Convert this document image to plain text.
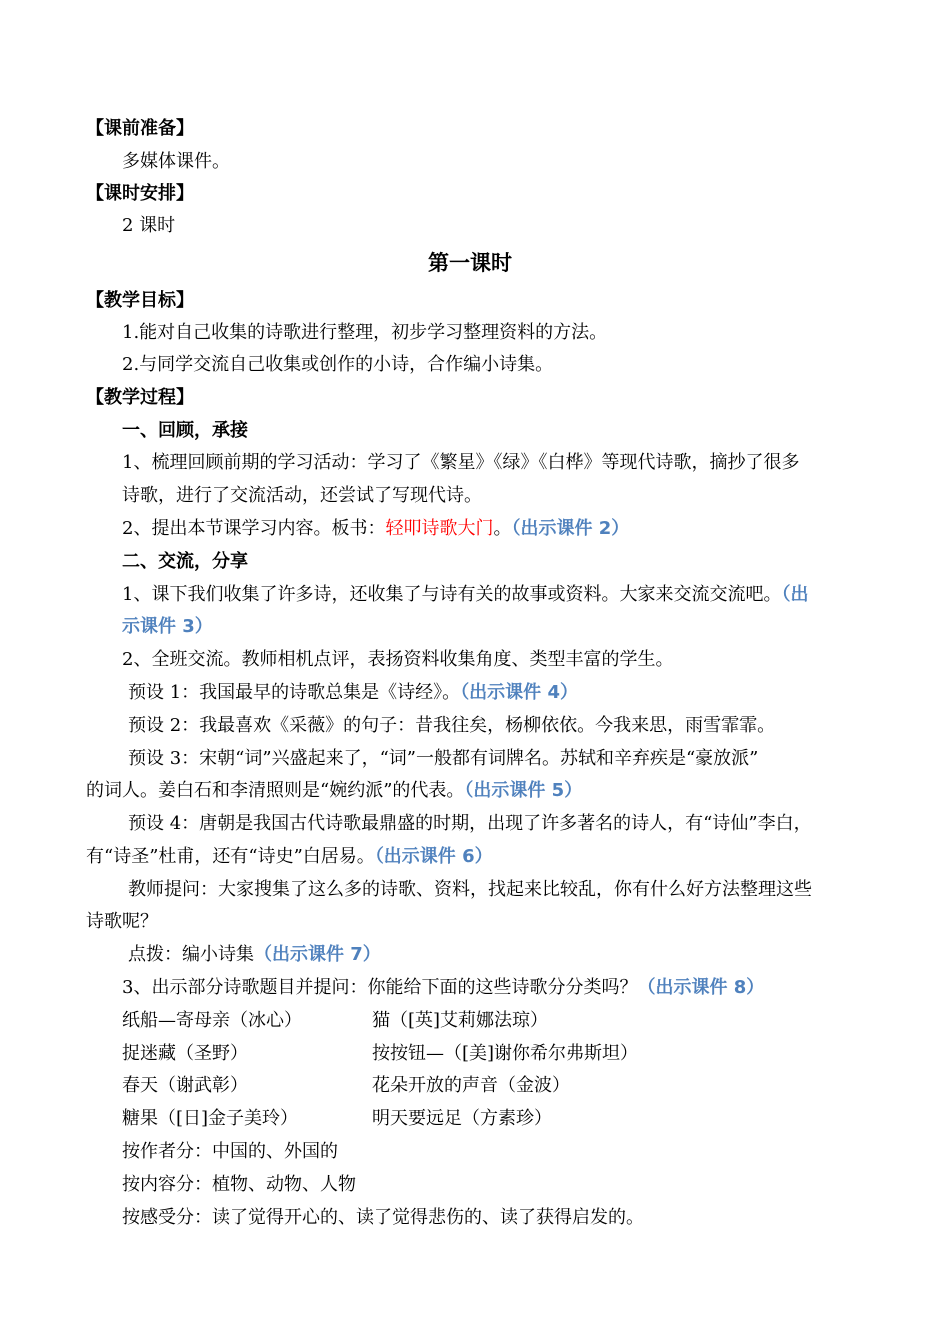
【课前准备】
多媒体课件。
【课时安排】
2 课时
第一课时
【教学目标】
1.能对自己收集的诗歌进行整理，初步学习整理资料的方法。
2.与同学交流自己收集或创作的小诗，合作编小诗集。
【教学过程】
一、回顾，承接
1、梳理回顾前期的学习活动：学习了《繁星》《绿》《白桦》等现代诗歌，摘抄了很多
诗歌，进行了交流活动，还尝试了写现代诗。
2、提出本节课学习内容。板书：轻叩诗歌大门。（出示课件 2）
二、交流，分享
1、课下我们收集了许多诗，还收集了与诗有关的故事或资料。大家来交流交流吧。（出
示课件 3）
2、全班交流。教师相机点评，表扬资料收集角度、类型丰富的学生。
预设 1：我国最早的诗歌总集是《诗经》。（出示课件 4）
预设 2：我最喜欢《采薇》的句子：昔我往矣，杨柳依依。今我来思，雨雪霏霏。
预设 3：宋朝“词”兴盛起来了，“词”一般都有词牌名。苏轼和辛弃疾是“豪放派”
的词人。姜白石和李清照则是“婉约派”的代表。（出示课件 5）
预设 4：唐朝是我国古代诗歌最鼎盛的时期，出现了许多著名的诗人，有“诗仙”李白，
有“诗圣”杜甫，还有“诗史”白居易。（出示课件 6）
教师提问：大家搜集了这么多的诗歌、资料，找起来比较乱，你有什么好方法整理这些
诗歌呢？
点拨：编小诗集（出示课件 7）
3、出示部分诗歌题目并提问：你能给下面的这些诗歌分分类吗？（出示课件 8）
纸船—寄母亲（冰心）	猫（[英]艾莉娜法琼）
捉迷藏（圣野）	按按钮—（[美]谢你希尔弗斯坦）
春天（谢武彰）	花朵开放的声音（金波）
糖果（[日]金子美玲）	明天要远足（方素珍）
按作者分：中国的、外国的
按内容分：植物、动物、人物
按感受分：读了觉得开心的、读了觉得悲伤的、读了获得启发的。
